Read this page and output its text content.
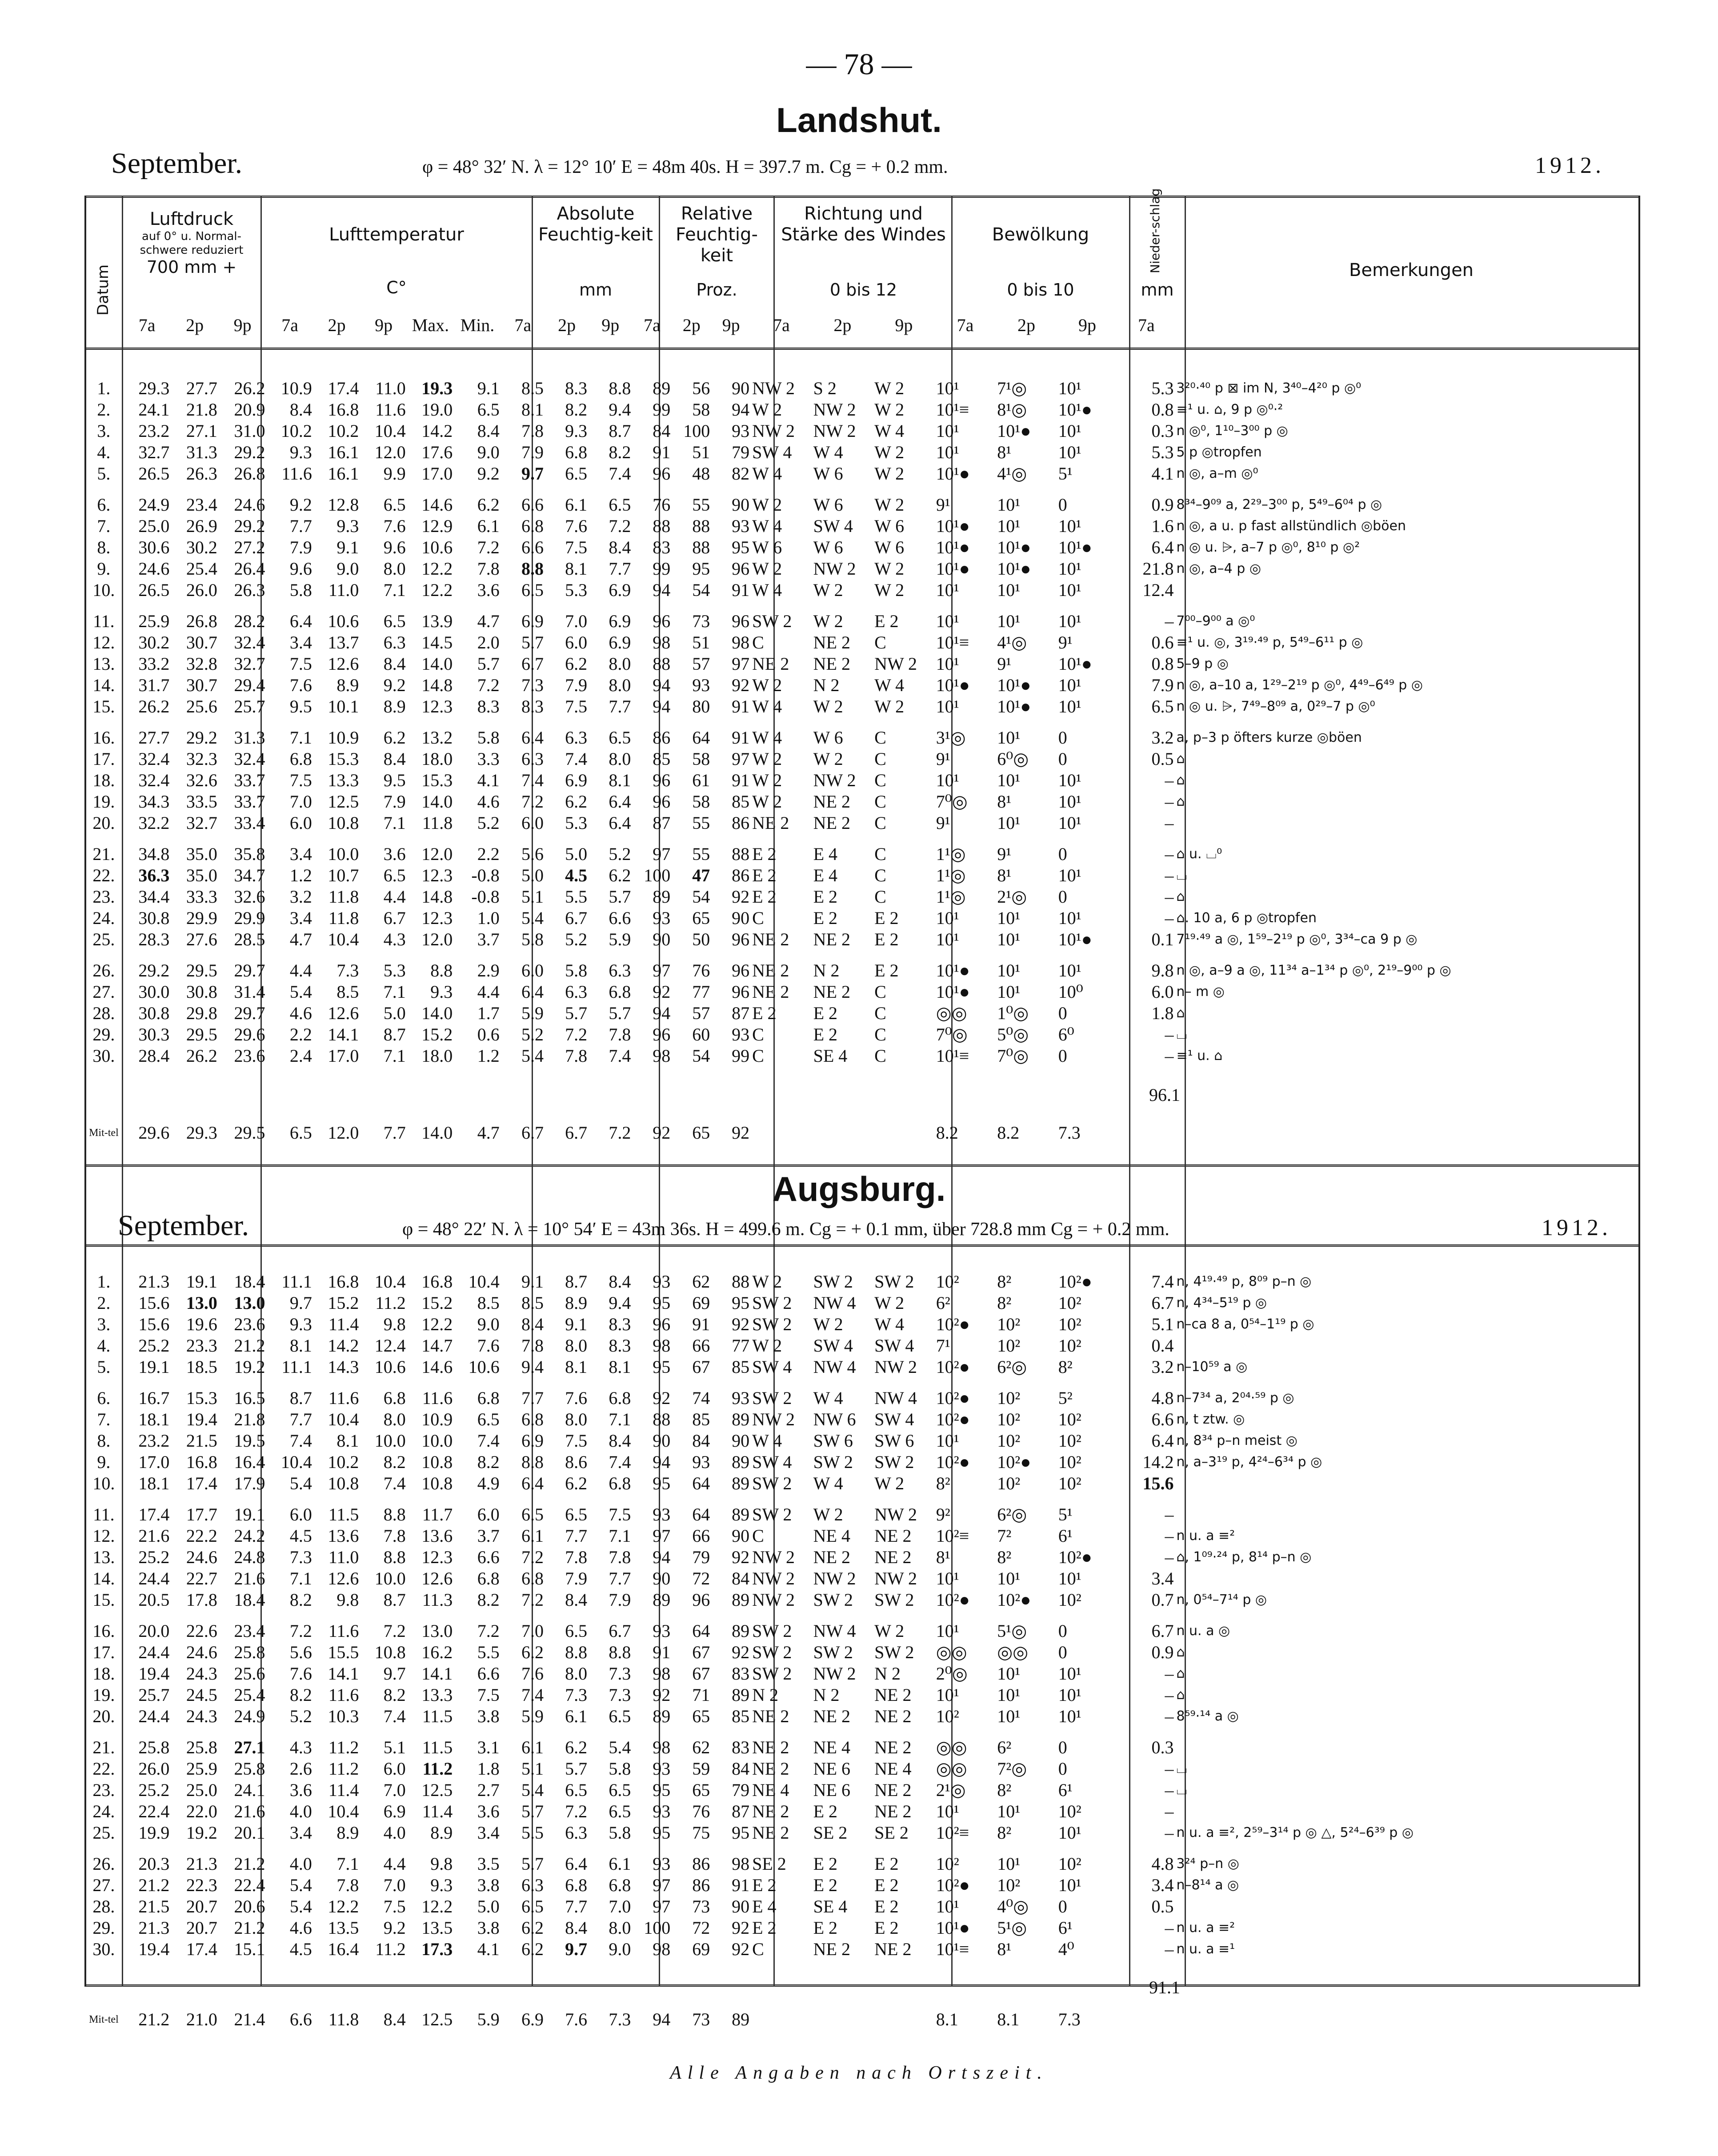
— 78 —
Landshut.
September.	φ = 48° 32′ N. λ = 12° 10′ E = 48m 40s. H = 397.7 m. Cg = + 0.2 mm.	1912.
Datum
Luftdruck
auf 0° u. Normal-schwere reduziert
700 mm +
Lufttemperatur
C°
Absolute Feuchtig-keit
mm
Relative Feuchtig-keit
Proz.
Richtung und Stärke des Windes
0 bis 12
Bewölkung
0 bis 10
Nieder-schlag
mm
Bemerkungen
	7a	2p	9p	7a	2p	9p	Max.	Min.	7a	2p	9p	7a	2p	9p	7a	2p	9p	7a	2p	9p	7a	
1.	29.3	27.7	26.2	10.9	17.4	11.0	19.3	9.1	8.5	8.3	8.8	89	56	90	NW 2	S 2	W 2	10¹	7¹◎	10¹	5.3	3²⁰·⁴⁰ p ⊠ im N, 3⁴⁰–4²⁰ p ◎⁰
2.	24.1	21.8	20.9	8.4	16.8	11.6	19.0	6.5	8.1	8.2	9.4	99	58	94	W 2	NW 2	W 2	10¹≡	8¹◎	10¹●	0.8	≡¹ u. ⌂, 9 p ◎⁰·²
3.	23.2	27.1	31.0	10.2	10.2	10.4	14.2	8.4	7.8	9.3	8.7	84	100	93	NW 2	NW 2	W 4	10¹	10¹●	10¹	0.3	n ◎⁰, 1¹⁰–3⁰⁰ p ◎
4.	32.7	31.3	29.2	9.3	16.1	12.0	17.6	9.0	7.9	6.8	8.2	91	51	79	SW 4	W 4	W 2	10¹	8¹	10¹	5.3	5 p ◎tropfen
5.	26.5	26.3	26.8	11.6	16.1	9.9	17.0	9.2	9.7	6.5	7.4	96	48	82	W 4	W 6	W 2	10¹●	4¹◎	5¹	4.1	n ◎, a–m ◎⁰

6.	24.9	23.4	24.6	9.2	12.8	6.5	14.6	6.2	6.6	6.1	6.5	76	55	90	W 2	W 6	W 2	9¹	10¹	0	0.9	8³⁴–9⁰⁹ a, 2²⁹–3⁰⁰ p, 5⁴⁹–6⁰⁴ p ◎
7.	25.0	26.9	29.2	7.7	9.3	7.6	12.9	6.1	6.8	7.6	7.2	88	88	93	W 4	SW 4	W 6	10¹●	10¹	10¹	1.6	n ◎, a u. p fast allstündlich ◎böen
8.	30.6	30.2	27.2	7.9	9.1	9.6	10.6	7.2	6.6	7.5	8.4	83	88	95	W 6	W 6	W 6	10¹●	10¹●	10¹●	6.4	n ◎ u. ⩥, a–7 p ◎⁰, 8¹⁰ p ◎²
9.	24.6	25.4	26.4	9.6	9.0	8.0	12.2	7.8	8.8	8.1	7.7	99	95	96	W 2	NW 2	W 2	10¹●	10¹●	10¹	21.8	n ◎, a–4 p ◎
10.	26.5	26.0	26.3	5.8	11.0	7.1	12.2	3.6	6.5	5.3	6.9	94	54	91	W 4	W 2	W 2	10¹	10¹	10¹	12.4	

11.	25.9	26.8	28.2	6.4	10.6	6.5	13.9	4.7	6.9	7.0	6.9	96	73	96	SW 2	W 2	E 2	10¹	10¹	10¹	–	7⁰⁰–9⁰⁰ a ◎⁰
12.	30.2	30.7	32.4	3.4	13.7	6.3	14.5	2.0	5.7	6.0	6.9	98	51	98	C	NE 2	C	10¹≡	4¹◎	9¹	0.6	≡¹ u. ◎, 3¹⁹·⁴⁹ p, 5⁴⁹–6¹¹ p ◎
13.	33.2	32.8	32.7	7.5	12.6	8.4	14.0	5.7	6.7	6.2	8.0	88	57	97	NE 2	NE 2	NW 2	10¹	9¹	10¹●	0.8	5–9 p ◎
14.	31.7	30.7	29.4	7.6	8.9	9.2	14.8	7.2	7.3	7.9	8.0	94	93	92	W 2	N 2	W 4	10¹●	10¹●	10¹	7.9	n ◎, a–10 a, 1²⁹–2¹⁹ p ◎⁰, 4⁴⁹–6⁴⁹ p ◎
15.	26.2	25.6	25.7	9.5	10.1	8.9	12.3	8.3	8.3	7.5	7.7	94	80	91	W 4	W 2	W 2	10¹	10¹●	10¹	6.5	n ◎ u. ⩥, 7⁴⁹–8⁰⁹ a, 0²⁹–7 p ◎⁰

16.	27.7	29.2	31.3	7.1	10.9	6.2	13.2	5.8	6.4	6.3	6.5	86	64	91	W 4	W 6	C	3¹◎	10¹	0	3.2	a, p–3 p öfters kurze ◎böen
17.	32.4	32.3	32.4	6.8	15.3	8.4	18.0	3.3	6.3	7.4	8.0	85	58	97	W 2	W 2	C	9¹	6⁰◎	0	0.5	⌂
18.	32.4	32.6	33.7	7.5	13.3	9.5	15.3	4.1	7.4	6.9	8.1	96	61	91	W 2	NW 2	C	10¹	10¹	10¹	–	⌂
19.	34.3	33.5	33.7	7.0	12.5	7.9	14.0	4.6	7.2	6.2	6.4	96	58	85	W 2	NE 2	C	7⁰◎	8¹	10¹	–	⌂
20.	32.2	32.7	33.4	6.0	10.8	7.1	11.8	5.2	6.0	5.3	6.4	87	55	86	NE 2	NE 2	C	9¹	10¹	10¹	–	

21.	34.8	35.0	35.8	3.4	10.0	3.6	12.0	2.2	5.6	5.0	5.2	97	55	88	E 2	E 4	C	1¹◎	9¹	0	–	⌂ u. ⌴⁰
22.	36.3	35.0	34.7	1.2	10.7	6.5	12.3	-0.8	5.0	4.5	6.2	100	47	86	E 2	E 4	C	1¹◎	8¹	10¹	–	⌴
23.	34.4	33.3	32.6	3.2	11.8	4.4	14.8	-0.8	5.1	5.5	5.7	89	54	92	E 2	E 2	C	1¹◎	2¹◎	0	–	⌂
24.	30.8	29.9	29.9	3.4	11.8	6.7	12.3	1.0	5.4	6.7	6.6	93	65	90	C	E 2	E 2	10¹	10¹	10¹	–	⌂. 10 a, 6 p ◎tropfen
25.	28.3	27.6	28.5	4.7	10.4	4.3	12.0	3.7	5.8	5.2	5.9	90	50	96	NE 2	NE 2	E 2	10¹	10¹	10¹●	0.1	7¹⁹·⁴⁹ a ◎, 1⁵⁹–2¹⁹ p ◎⁰, 3³⁴–ca 9 p ◎

26.	29.2	29.5	29.7	4.4	7.3	5.3	8.8	2.9	6.0	5.8	6.3	97	76	96	NE 2	N 2	E 2	10¹●	10¹	10¹	9.8	n ◎, a–9 a ◎, 11³⁴ a–1³⁴ p ◎⁰, 2¹⁹–9⁰⁰ p ◎
27.	30.0	30.8	31.4	5.4	8.5	7.1	9.3	4.4	6.4	6.3	6.8	92	77	96	NE 2	NE 2	C	10¹●	10¹	10⁰	6.0	n– m ◎
28.	30.8	29.8	29.7	4.6	12.6	5.0	14.0	1.7	5.9	5.7	5.7	94	57	87	E 2	E 2	C	◎◎	1⁰◎	0	1.8	⌂
29.	30.3	29.5	29.6	2.2	14.1	8.7	15.2	0.6	5.2	7.2	7.8	96	60	93	C	E 2	C	7⁰◎	5⁰◎	6⁰	–	⌴
30.	28.4	26.2	23.6	2.4	17.0	7.1	18.0	1.2	5.4	7.8	7.4	98	54	99	C	SE 4	C	10¹≡	7⁰◎	0	–	≡¹ u. ⌂
96.1
Mit-tel	29.6	29.3	29.5	6.5	12.0	7.7	14.0	4.7	6.7	6.7	7.2	92	65	92				8.2	8.2	7.3		
Augsburg.
September.	φ = 48° 22′ N. λ = 10° 54′ E = 43m 36s. H = 499.6 m. Cg = + 0.1 mm, über 728.8 mm Cg = + 0.2 mm.	1912.
1.	21.3	19.1	18.4	11.1	16.8	10.4	16.8	10.4	9.1	8.7	8.4	93	62	88	W 2	SW 2	SW 2	10²	8²	10²●	7.4	n, 4¹⁹·⁴⁹ p, 8⁰⁹ p–n ◎
2.	15.6	13.0	13.0	9.7	15.2	11.2	15.2	8.5	8.5	8.9	9.4	95	69	95	SW 2	NW 4	W 2	6²	8²	10²	6.7	n, 4³⁴–5¹⁹ p ◎
3.	15.6	19.6	23.6	9.3	11.4	9.8	12.2	9.0	8.4	9.1	8.3	96	91	92	SW 2	W 2	W 4	10²●	10²	10²	5.1	n–ca 8 a, 0⁵⁴–1¹⁹ p ◎
4.	25.2	23.3	21.2	8.1	14.2	12.4	14.7	7.6	7.8	8.0	8.3	98	66	77	W 2	SW 4	SW 4	7¹	10²	10²	0.4	
5.	19.1	18.5	19.2	11.1	14.3	10.6	14.6	10.6	9.4	8.1	8.1	95	67	85	SW 4	NW 4	NW 2	10²●	6²◎	8²	3.2	n–10⁵⁹ a ◎

6.	16.7	15.3	16.5	8.7	11.6	6.8	11.6	6.8	7.7	7.6	6.8	92	74	93	SW 2	W 4	NW 4	10²●	10²	5²	4.8	n–7³⁴ a, 2⁰⁴·⁵⁹ p ◎
7.	18.1	19.4	21.8	7.7	10.4	8.0	10.9	6.5	6.8	8.0	7.1	88	85	89	NW 2	NW 6	SW 4	10²●	10²	10²	6.6	n, t ztw. ◎
8.	23.2	21.5	19.5	7.4	8.1	10.0	10.0	7.4	6.9	7.5	8.4	90	84	90	W 4	SW 6	SW 6	10¹	10²	10²	6.4	n, 8³⁴ p–n meist ◎
9.	17.0	16.8	16.4	10.4	10.2	8.2	10.8	8.2	8.8	8.6	7.4	94	93	89	SW 4	SW 2	SW 2	10²●	10²●	10²	14.2	n, a–3¹⁹ p, 4²⁴–6³⁴ p ◎
10.	18.1	17.4	17.9	5.4	10.8	7.4	10.8	4.9	6.4	6.2	6.8	95	64	89	SW 2	W 4	W 2	8²	10²	10²	15.6	

11.	17.4	17.7	19.1	6.0	11.5	8.8	11.7	6.0	6.5	6.5	7.5	93	64	89	SW 2	W 2	NW 2	9²	6²◎	5¹	–	
12.	21.6	22.2	24.2	4.5	13.6	7.8	13.6	3.7	6.1	7.7	7.1	97	66	90	C	NE 4	NE 2	10²≡	7²	6¹	–	n u. a ≡²
13.	25.2	24.6	24.8	7.3	11.0	8.8	12.3	6.6	7.2	7.8	7.8	94	79	92	NW 2	NE 2	NE 2	8¹	8²	10²●	–	⌂, 1⁰⁹·²⁴ p, 8¹⁴ p–n ◎
14.	24.4	22.7	21.6	7.1	12.6	10.0	12.6	6.8	6.8	7.9	7.7	90	72	84	NW 2	NW 2	NW 2	10¹	10¹	10¹	3.4	
15.	20.5	17.8	18.4	8.2	9.8	8.7	11.3	8.2	7.2	8.4	7.9	89	96	89	NW 2	SW 2	SW 2	10²●	10²●	10²	0.7	n, 0⁵⁴–7¹⁴ p ◎

16.	20.0	22.6	23.4	7.2	11.6	7.2	13.0	7.2	7.0	6.5	6.7	93	64	89	SW 2	NW 4	W 2	10¹	5¹◎	0	6.7	n u. a ◎
17.	24.4	24.6	25.8	5.6	15.5	10.8	16.2	5.5	6.2	8.8	8.8	91	67	92	SW 2	SW 2	SW 2	◎◎	◎◎	0	0.9	⌂
18.	19.4	24.3	25.6	7.6	14.1	9.7	14.1	6.6	7.6	8.0	7.3	98	67	83	SW 2	NW 2	N 2	2⁰◎	10¹	10¹	–	⌂
19.	25.7	24.5	25.4	8.2	11.6	8.2	13.3	7.5	7.4	7.3	7.3	92	71	89	N 2	N 2	NE 2	10¹	10¹	10¹	–	⌂
20.	24.4	24.3	24.9	5.2	10.3	7.4	11.5	3.8	5.9	6.1	6.5	89	65	85	NE 2	NE 2	NE 2	10²	10¹	10¹	–	8⁵⁹·¹⁴ a ◎

21.	25.8	25.8	27.1	4.3	11.2	5.1	11.5	3.1	6.1	6.2	5.4	98	62	83	NE 2	NE 4	NE 2	◎◎	6²	0	0.3	
22.	26.0	25.9	25.8	2.6	11.2	6.0	11.2	1.8	5.1	5.7	5.8	93	59	84	NE 2	NE 6	NE 4	◎◎	7²◎	0	–	⌴
23.	25.2	25.0	24.1	3.6	11.4	7.0	12.5	2.7	5.4	6.5	6.5	95	65	79	NE 4	NE 6	NE 2	2¹◎	8²	6¹	–	⌴
24.	22.4	22.0	21.6	4.0	10.4	6.9	11.4	3.6	5.7	7.2	6.5	93	76	87	NE 2	E 2	NE 2	10¹	10¹	10²	–	
25.	19.9	19.2	20.1	3.4	8.9	4.0	8.9	3.4	5.5	6.3	5.8	95	75	95	NE 2	SE 2	SE 2	10²≡	8²	10¹	–	n u. a ≡², 2⁵⁹–3¹⁴ p ◎ △, 5²⁴–6³⁹ p ◎

26.	20.3	21.3	21.2	4.0	7.1	4.4	9.8	3.5	5.7	6.4	6.1	93	86	98	SE 2	E 2	E 2	10²	10¹	10²	4.8	3²⁴ p–n ◎
27.	21.2	22.3	22.4	5.4	7.8	7.0	9.3	3.8	6.3	6.8	6.8	97	86	91	E 2	E 2	E 2	10²●	10²	10¹	3.4	n–8¹⁴ a ◎
28.	21.5	20.7	20.6	5.4	12.2	7.5	12.2	5.0	6.5	7.7	7.0	97	73	90	E 4	SE 4	E 2	10¹	4⁰◎	0	0.5	
29.	21.3	20.7	21.2	4.6	13.5	9.2	13.5	3.8	6.2	8.4	8.0	100	72	92	E 2	E 2	E 2	10¹●	5¹◎	6¹	–	n u. a ≡²
30.	19.4	17.4	15.1	4.5	16.4	11.2	17.3	4.1	6.2	9.7	9.0	98	69	92	C	NE 2	NE 2	10¹≡	8¹	4⁰	–	n u. a ≡¹
91.1
Mit-tel	21.2	21.0	21.4	6.6	11.8	8.4	12.5	5.9	6.9	7.6	7.3	94	73	89				8.1	8.1	7.3		
Alle Angaben nach Ortszeit.
